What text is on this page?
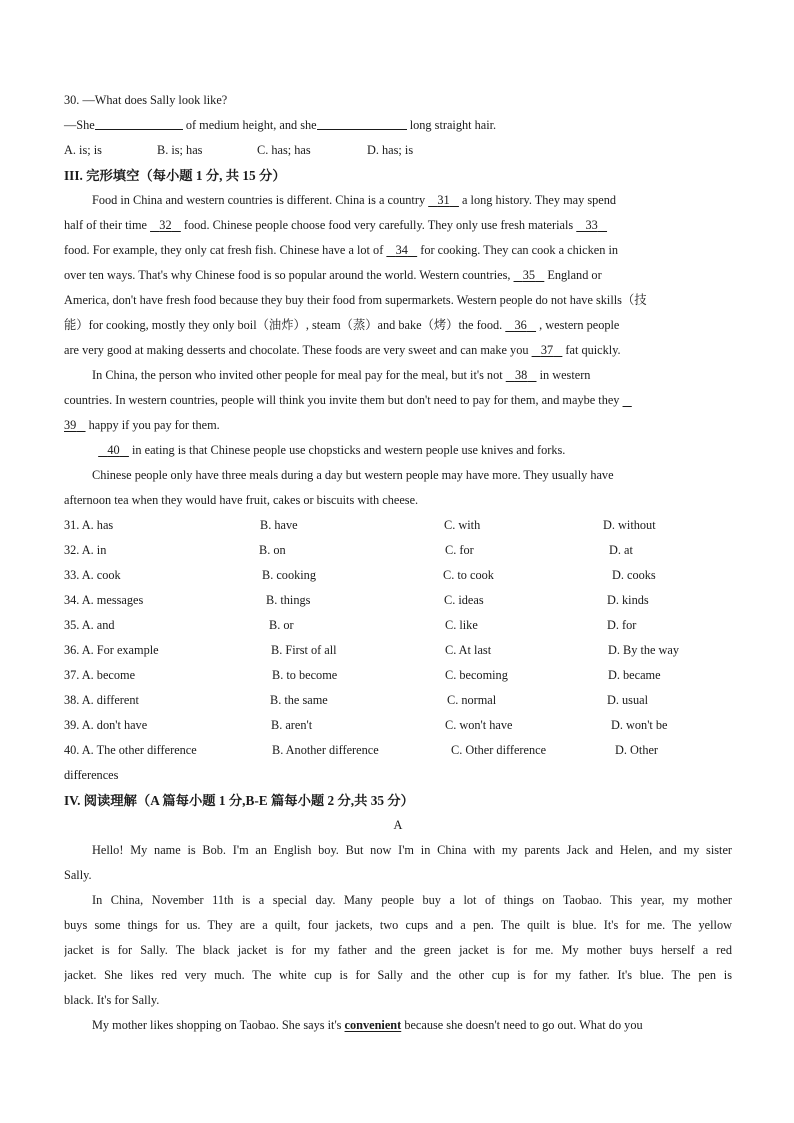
30. —What does Sally look like?
—She	of medium height, and she	long straight hair.
A. is; is	B. is; has	C. has; has	D. has; is
III. 完形填空（每小题 1 分, 共 15 分）
Food in China and western countries is different. China is a country 31 a long history. They may spend
half of their time 32 food. Chinese people choose food very carefully. They only use fresh materials 33
food. For example, they only cat fresh fish. Chinese have a lot of 34 for cooking. They can cook a chicken in
over ten ways. That's why Chinese food is so popular around the world. Western countries, 35 England or
America, don't have fresh food because they buy their food from supermarkets. Western people do not have skills（技
能）for cooking, mostly they only boil（油炸）, steam（蒸）and bake（烤）the food. 36 , western people
are very good at making desserts and chocolate. These foods are very sweet and can make you 37 fat quickly.
In China, the person who invited other people for meal pay for the meal, but it's not 38 in western
countries. In western countries, people will think you invite them but don't need to pay for them, and maybe they
39 happy if you pay for them.
40 in eating is that Chinese people use chopsticks and western people use knives and forks.
Chinese people only have three meals during a day but western people may have more. They usually have
afternoon tea when they would have fruit, cakes or biscuits with cheese.
31. A. has	B. have	C. with	D. without
32. A. in	B. on	C. for	D. at
33. A. cook	B. cooking	C. to cook	D. cooks
34. A. messages	B. things	C. ideas	D. kinds
35. A. and	B. or	C. like	D. for
36. A. For example	B. First of all	C. At last	D. By the way
37. A. become	B. to become	C. becoming	D. became
38. A. different	B. the same	C. normal	D. usual
39. A. don't have	B. aren't	C. won't have	D. won't be
40. A. The other difference	B. Another difference	C. Other difference	D. Other
differences
IV. 阅读理解（A 篇每小题 1 分,B-E 篇每小题 2 分,共 35 分）
A
Hello! My name is Bob. I'm an English boy. But now I'm in China with my parents Jack and Helen, and my sister
Sally.
In China, November 11th is a special day. Many people buy a lot of things on Taobao. This year, my mother
buys some things for us. They are a quilt, four jackets, two cups and a pen. The quilt is blue. It's for me. The yellow
jacket is for Sally. The black jacket is for my father and the green jacket is for me. My mother buys herself a red
jacket. She likes red very much. The white cup is for Sally and the other cup is for my father. It's blue. The pen is
black. It's for Sally.
My mother likes shopping on Taobao. She says it's convenient because she doesn't need to go out. What do you
